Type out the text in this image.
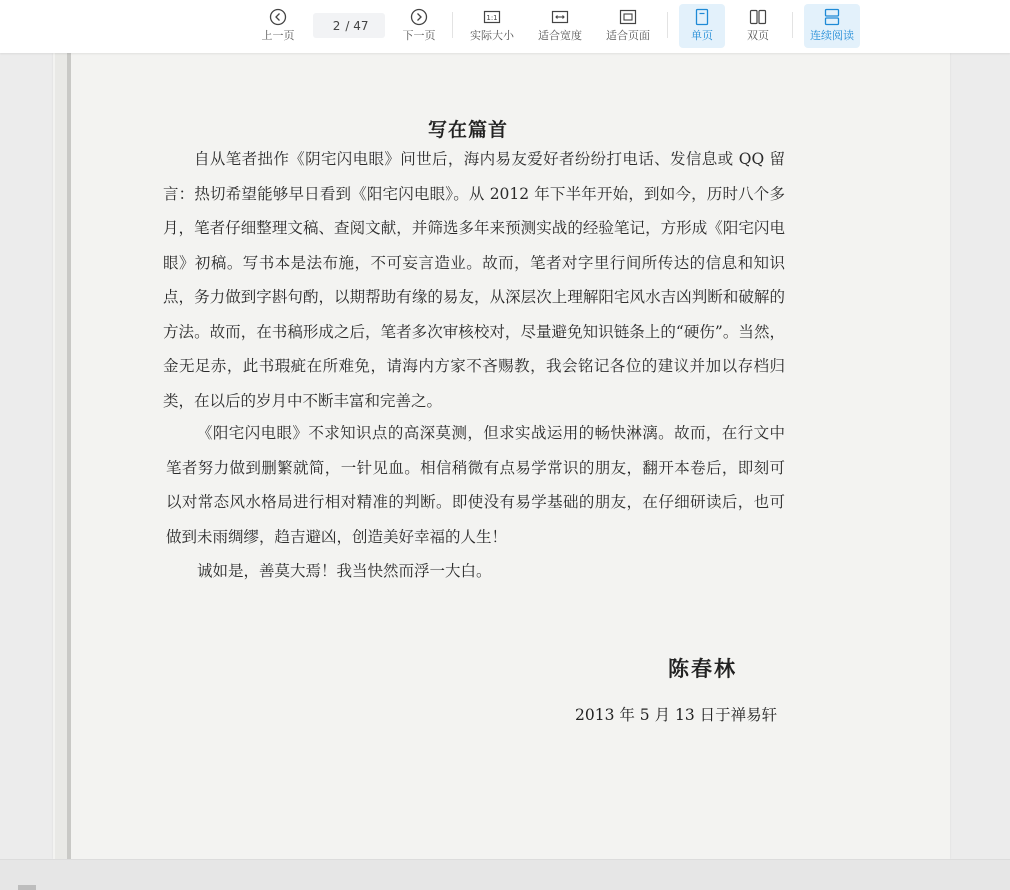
上一页
2
/ 47
下一页
1:1
实际大小 适合宽度 适合页面	单页	双页	连续阅读
写在篇首
自从笔者拙作《阴宅闪电眼》问世后，海内易友爱好者纷纷打电话、发信息或 QQ 留言：热切希望能够早日看到《阳宅闪电眼》。从 2012 年下半年开始，到如今，历时八个多月，笔者仔细整理文稿、查阅文献，并筛选多年来预测实战的经验笔记，方形成《阳宅闪电眼》初稿。写书本是法布施，不可妄言造业。故而，笔者对字里行间所传达的信息和知识点，务力做到字斟句酌，以期帮助有缘的易友，从深层次上理解阳宅风水吉凶判断和破解的方法。故而，在书稿形成之后，笔者多次审核校对，尽量避免知识链条上的“硬伤”。当然，金无足赤，此书瑕疵在所难免，请海内方家不吝赐教，我会铭记各位的建议并加以存档归类，在以后的岁月中不断丰富和完善之。
《阳宅闪电眼》不求知识点的高深莫测，但求实战运用的畅快淋漓。故而，在行文中笔者努力做到删繁就简，一针见血。相信稍微有点易学常识的朋友，翻开本卷后，即刻可以对常态风水格局进行相对精准的判断。即使没有易学基础的朋友，在仔细研读后，也可做到未雨绸缪，趋吉避凶，创造美好幸福的人生！
诚如是，善莫大焉！我当快然而浮一大白。
陈春林
2013 年 5 月 13 日于禅易轩
